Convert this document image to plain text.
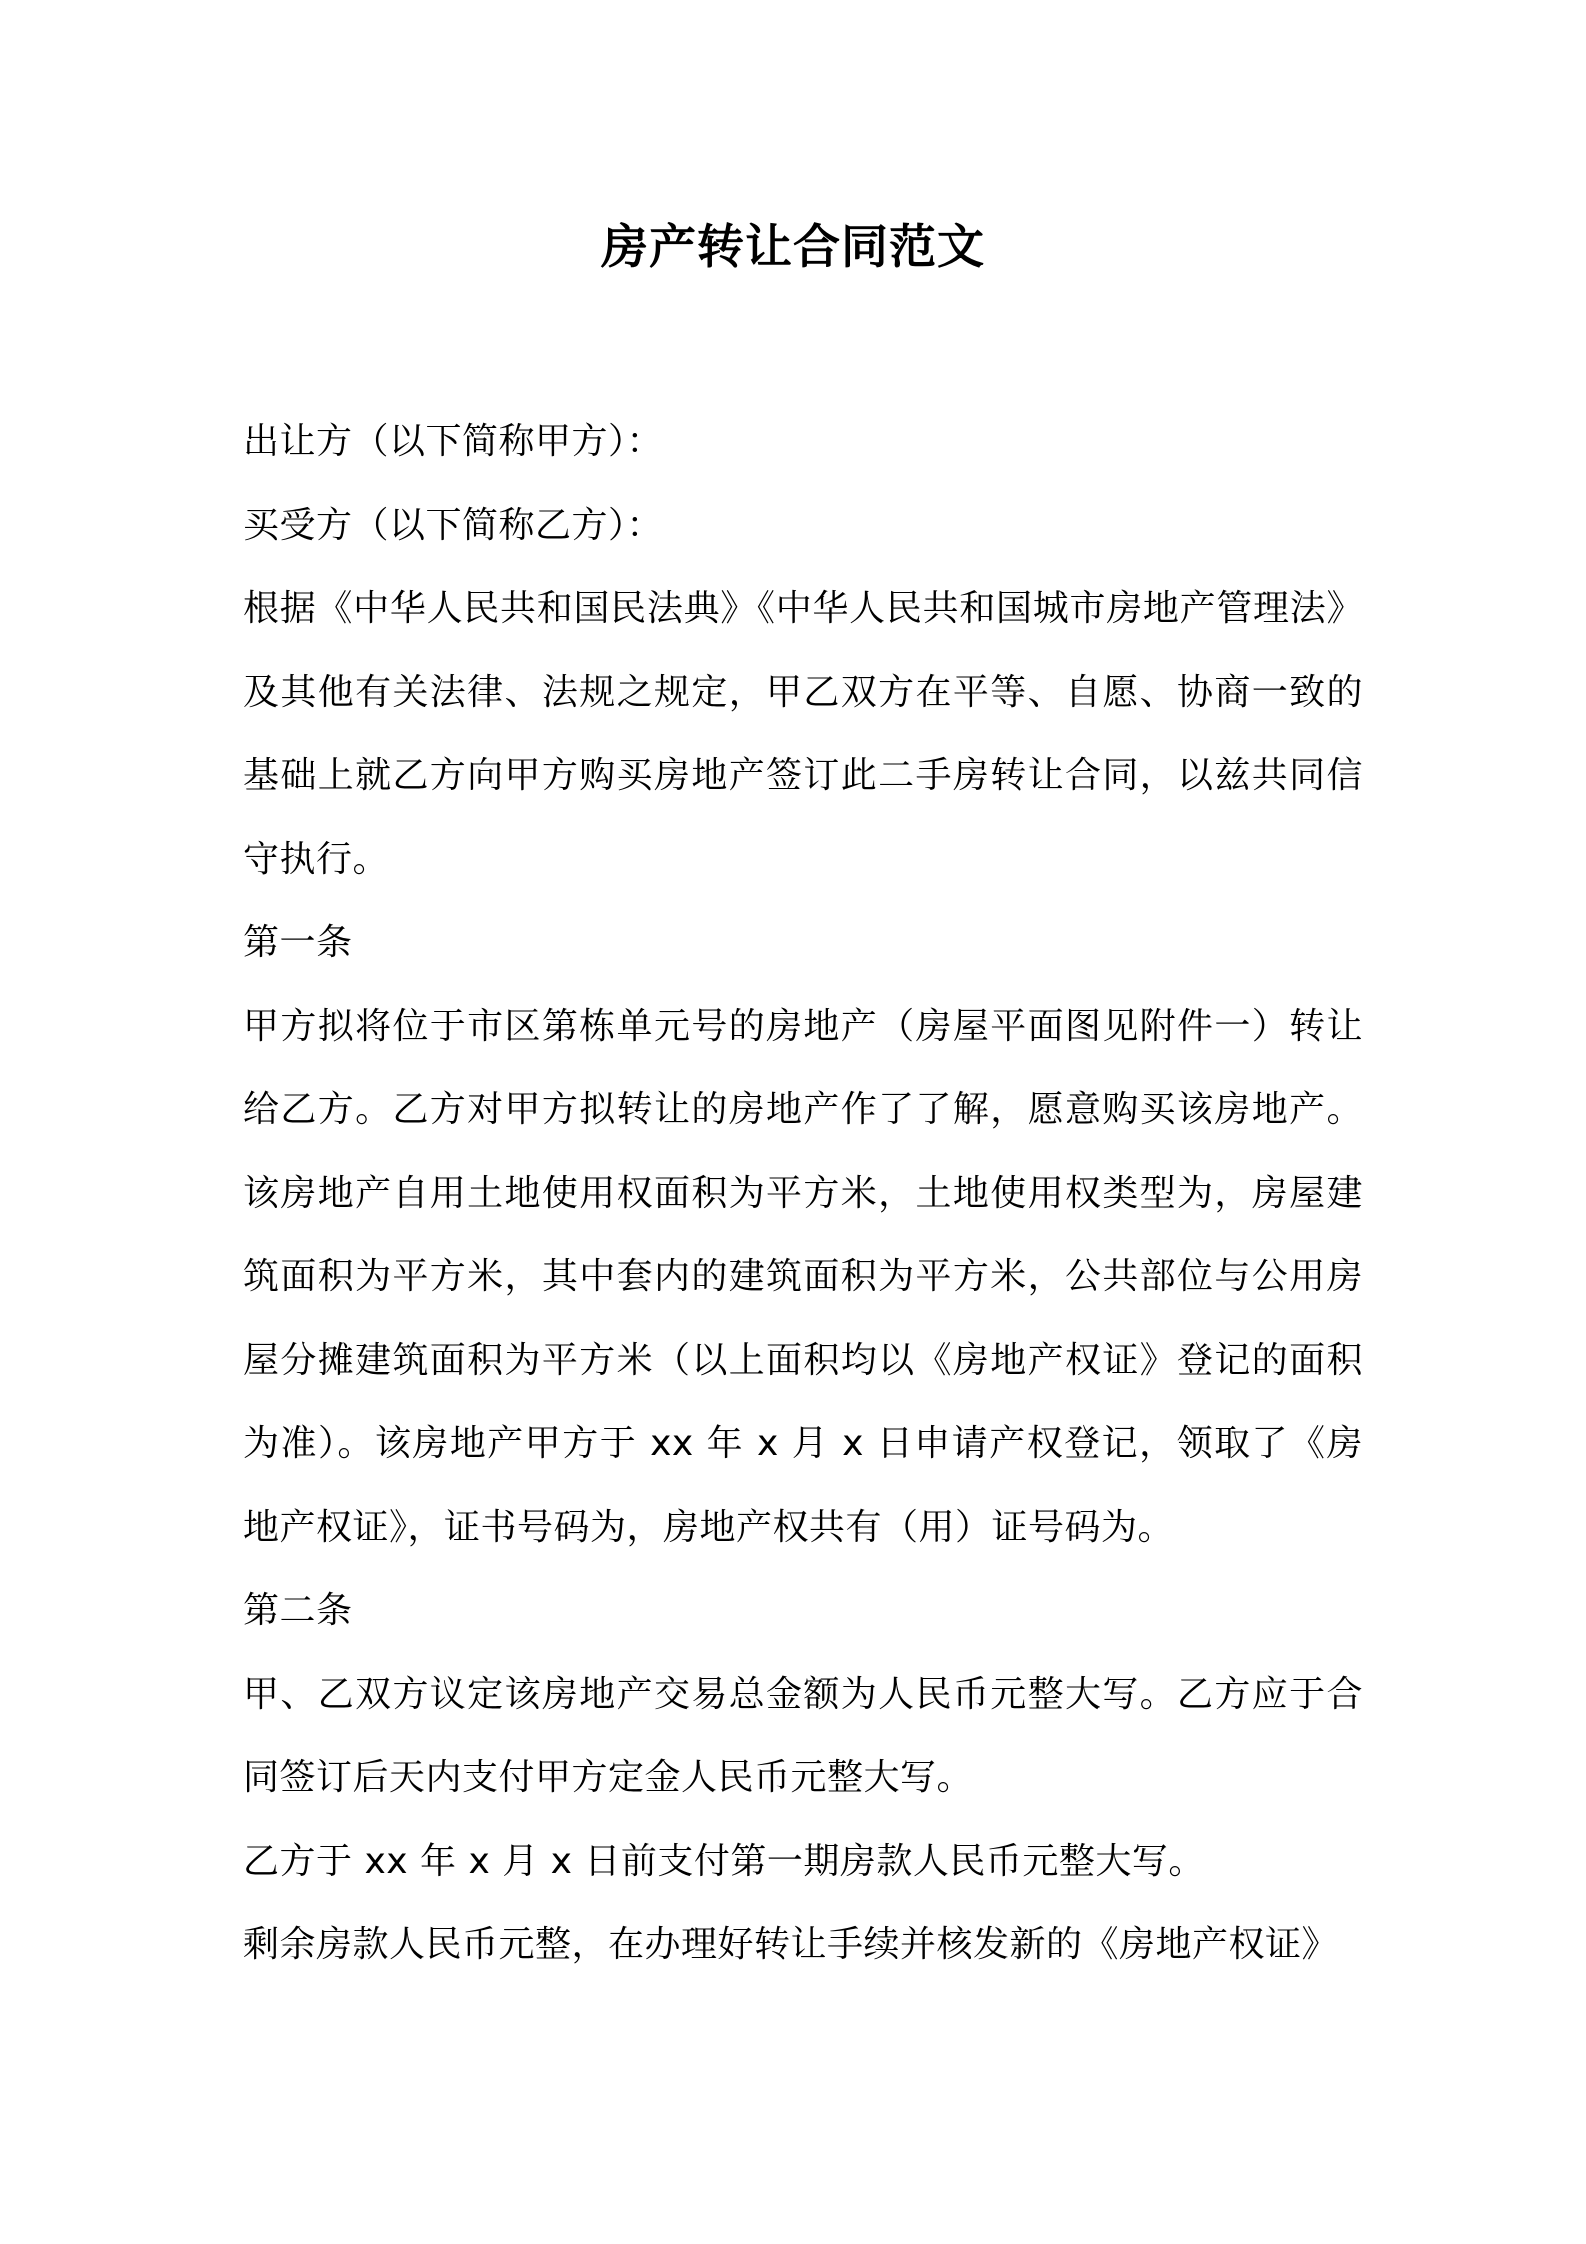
房产转让合同范文

出让方（以下简称甲方）：

买受方（以下简称乙方）：

根据《中华人民共和国民法典》《中华人民共和国城市房地产管理法》及其他有关法律、法规之规定，甲乙双方在平等、自愿、协商一致的基础上就乙方向甲方购买房地产签订此二手房转让合同，以兹共同信守执行。

第一条

甲方拟将位于市区第栋单元号的房地产（房屋平面图见附件一）转让给乙方。乙方对甲方拟转让的房地产作了了解，愿意购买该房地产。该房地产自用土地使用权面积为平方米，土地使用权类型为，房屋建筑面积为平方米，其中套内的建筑面积为平方米，公共部位与公用房屋分摊建筑面积为平方米（以上面积均以《房地产权证》登记的面积为准）。该房地产甲方于 xx 年 x 月 x 日申请产权登记，领取了《房地产权证》，证书号码为，房地产权共有（用）证号码为。

第二条

甲、乙双方议定该房地产交易总金额为人民币元整大写。乙方应于合同签订后天内支付甲方定金人民币元整大写。

乙方于 xx 年 x 月 x 日前支付第一期房款人民币元整大写。

剩余房款人民币元整，在办理好转让手续并核发新的《房地产权证》
